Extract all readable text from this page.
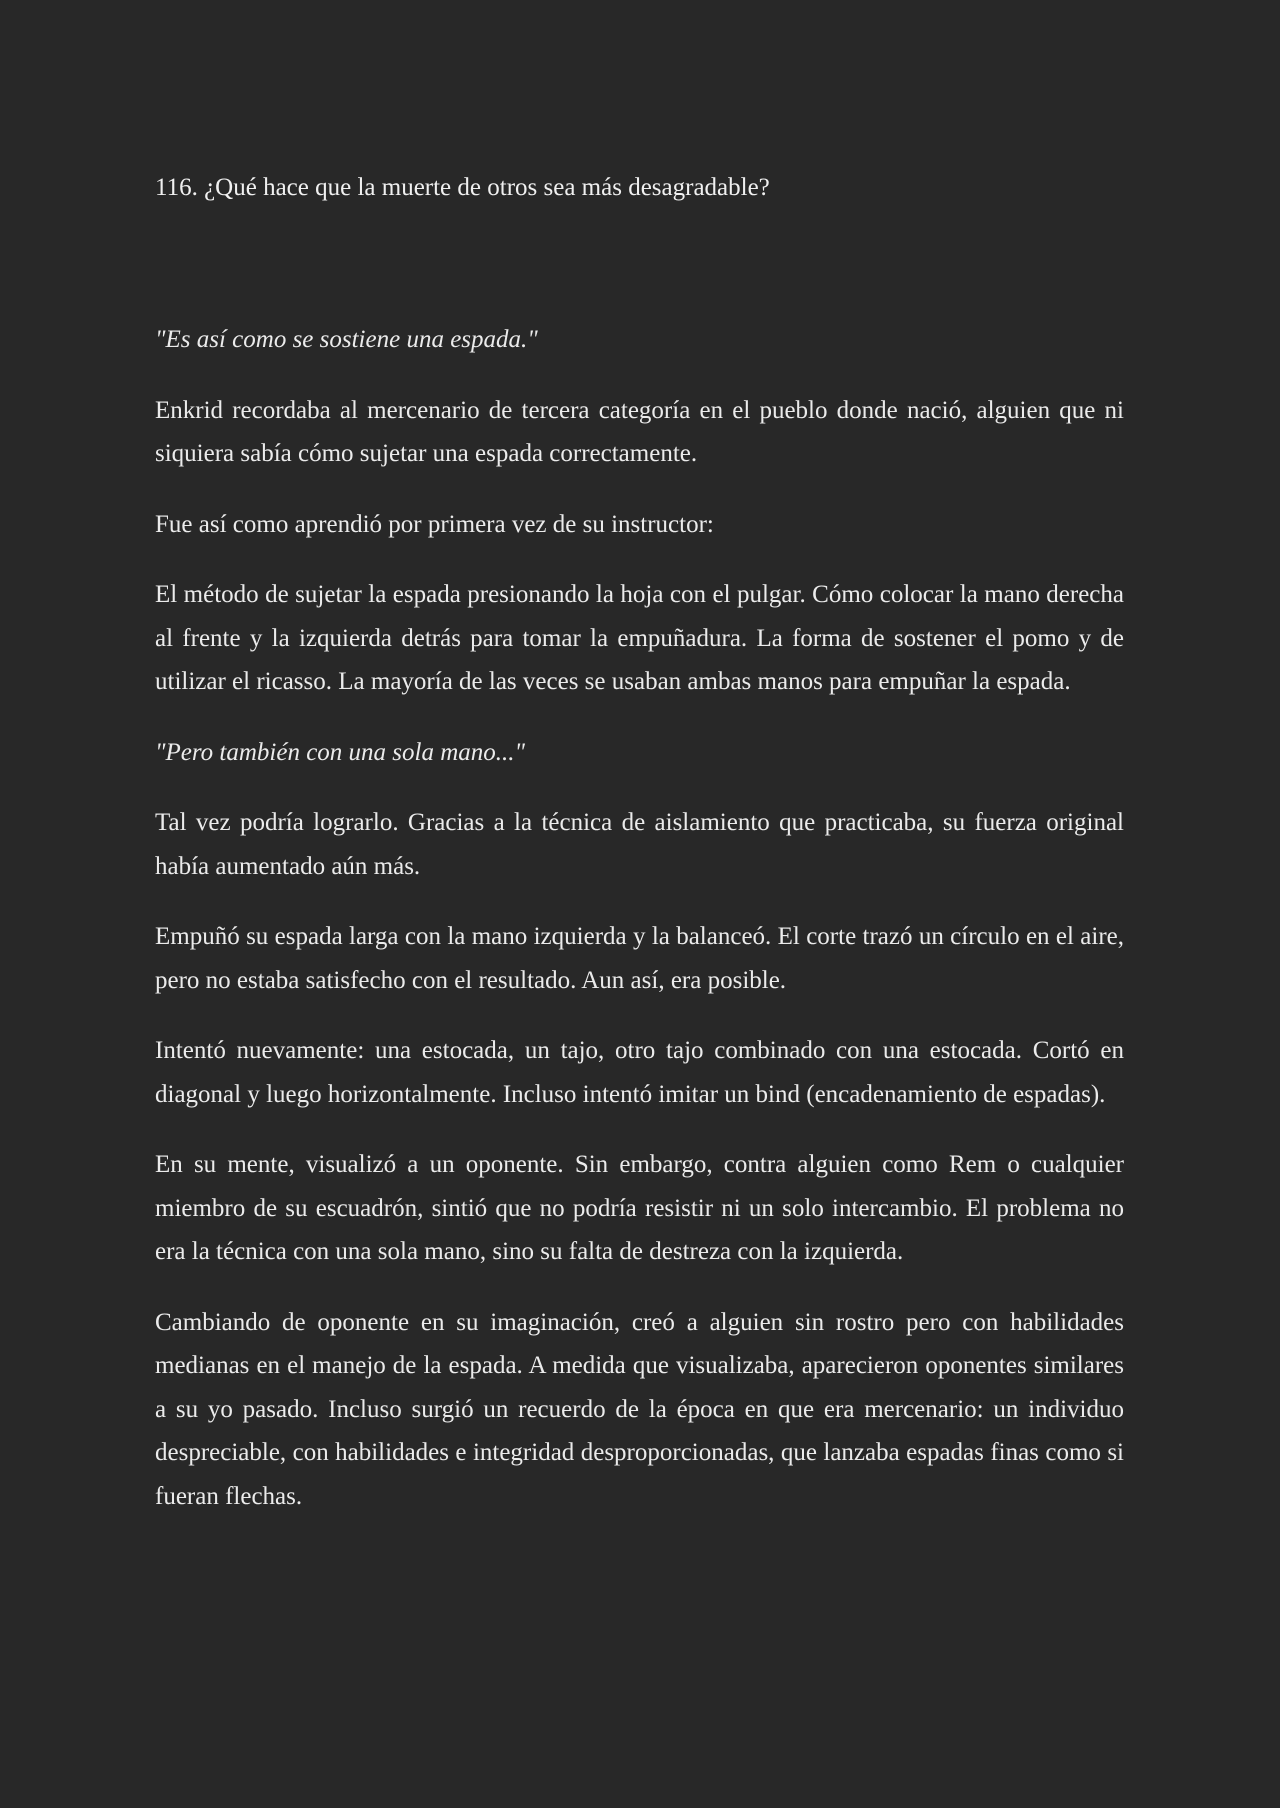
116. ¿Qué hace que la muerte de otros sea más desagradable?

"Es así como se sostiene una espada."

Enkrid recordaba al mercenario de tercera categoría en el pueblo donde nació, alguien que ni siquiera sabía cómo sujetar una espada correctamente.

Fue así como aprendió por primera vez de su instructor:

El método de sujetar la espada presionando la hoja con el pulgar. Cómo colocar la mano derecha al frente y la izquierda detrás para tomar la empuñadura. La forma de sostener el pomo y de utilizar el ricasso. La mayoría de las veces se usaban ambas manos para empuñar la espada.

"Pero también con una sola mano..."

Tal vez podría lograrlo. Gracias a la técnica de aislamiento que practicaba, su fuerza original había aumentado aún más.

Empuñó su espada larga con la mano izquierda y la balanceó. El corte trazó un círculo en el aire, pero no estaba satisfecho con el resultado. Aun así, era posible.

Intentó nuevamente: una estocada, un tajo, otro tajo combinado con una estocada. Cortó en diagonal y luego horizontalmente. Incluso intentó imitar un bind (encadenamiento de espadas).

En su mente, visualizó a un oponente. Sin embargo, contra alguien como Rem o cualquier miembro de su escuadrón, sintió que no podría resistir ni un solo intercambio. El problema no era la técnica con una sola mano, sino su falta de destreza con la izquierda.

Cambiando de oponente en su imaginación, creó a alguien sin rostro pero con habilidades medianas en el manejo de la espada. A medida que visualizaba, aparecieron oponentes similares a su yo pasado. Incluso surgió un recuerdo de la época en que era mercenario: un individuo despreciable, con habilidades e integridad desproporcionadas, que lanzaba espadas finas como si fueran flechas.
